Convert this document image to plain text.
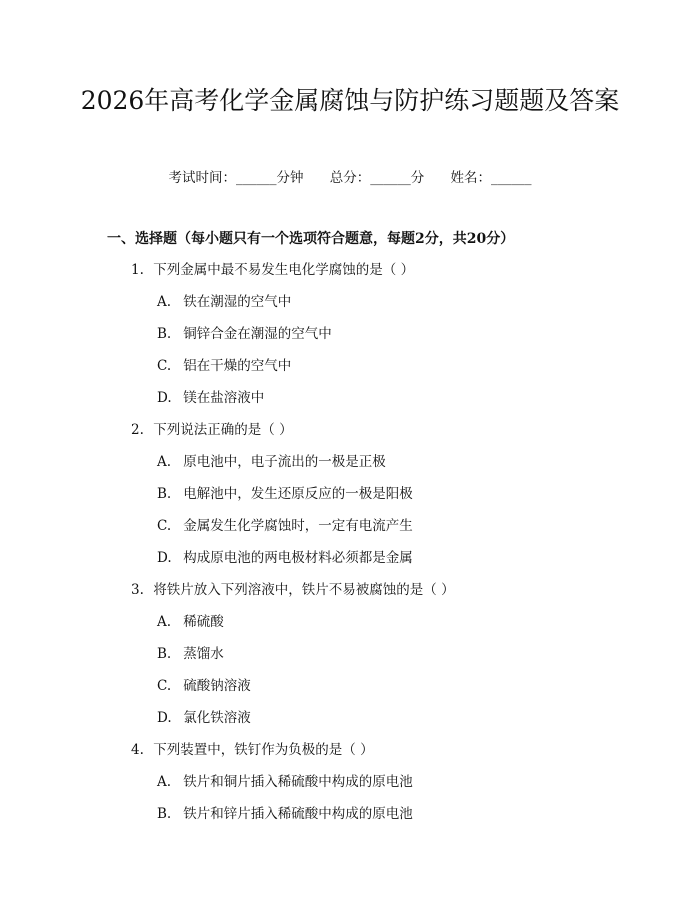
2026年高考化学金属腐蚀与防护练习题题及答案
考试时间：______分钟 总分：______分 姓名：______
一、选择题（每小题只有一个选项符合题意，每题2分，共20分）
1. 下列金属中最不易发生电化学腐蚀的是（ ）
A. 铁在潮湿的空气中
B. 铜锌合金在潮湿的空气中
C. 铝在干燥的空气中
D. 镁在盐溶液中
2. 下列说法正确的是（ ）
A. 原电池中，电子流出的一极是正极
B. 电解池中，发生还原反应的一极是阳极
C. 金属发生化学腐蚀时，一定有电流产生
D. 构成原电池的两电极材料必须都是金属
3. 将铁片放入下列溶液中，铁片不易被腐蚀的是（ ）
A. 稀硫酸
B. 蒸馏水
C. 硫酸钠溶液
D. 氯化铁溶液
4. 下列装置中，铁钉作为负极的是（ ）
A. 铁片和铜片插入稀硫酸中构成的原电池
B. 铁片和锌片插入稀硫酸中构成的原电池
